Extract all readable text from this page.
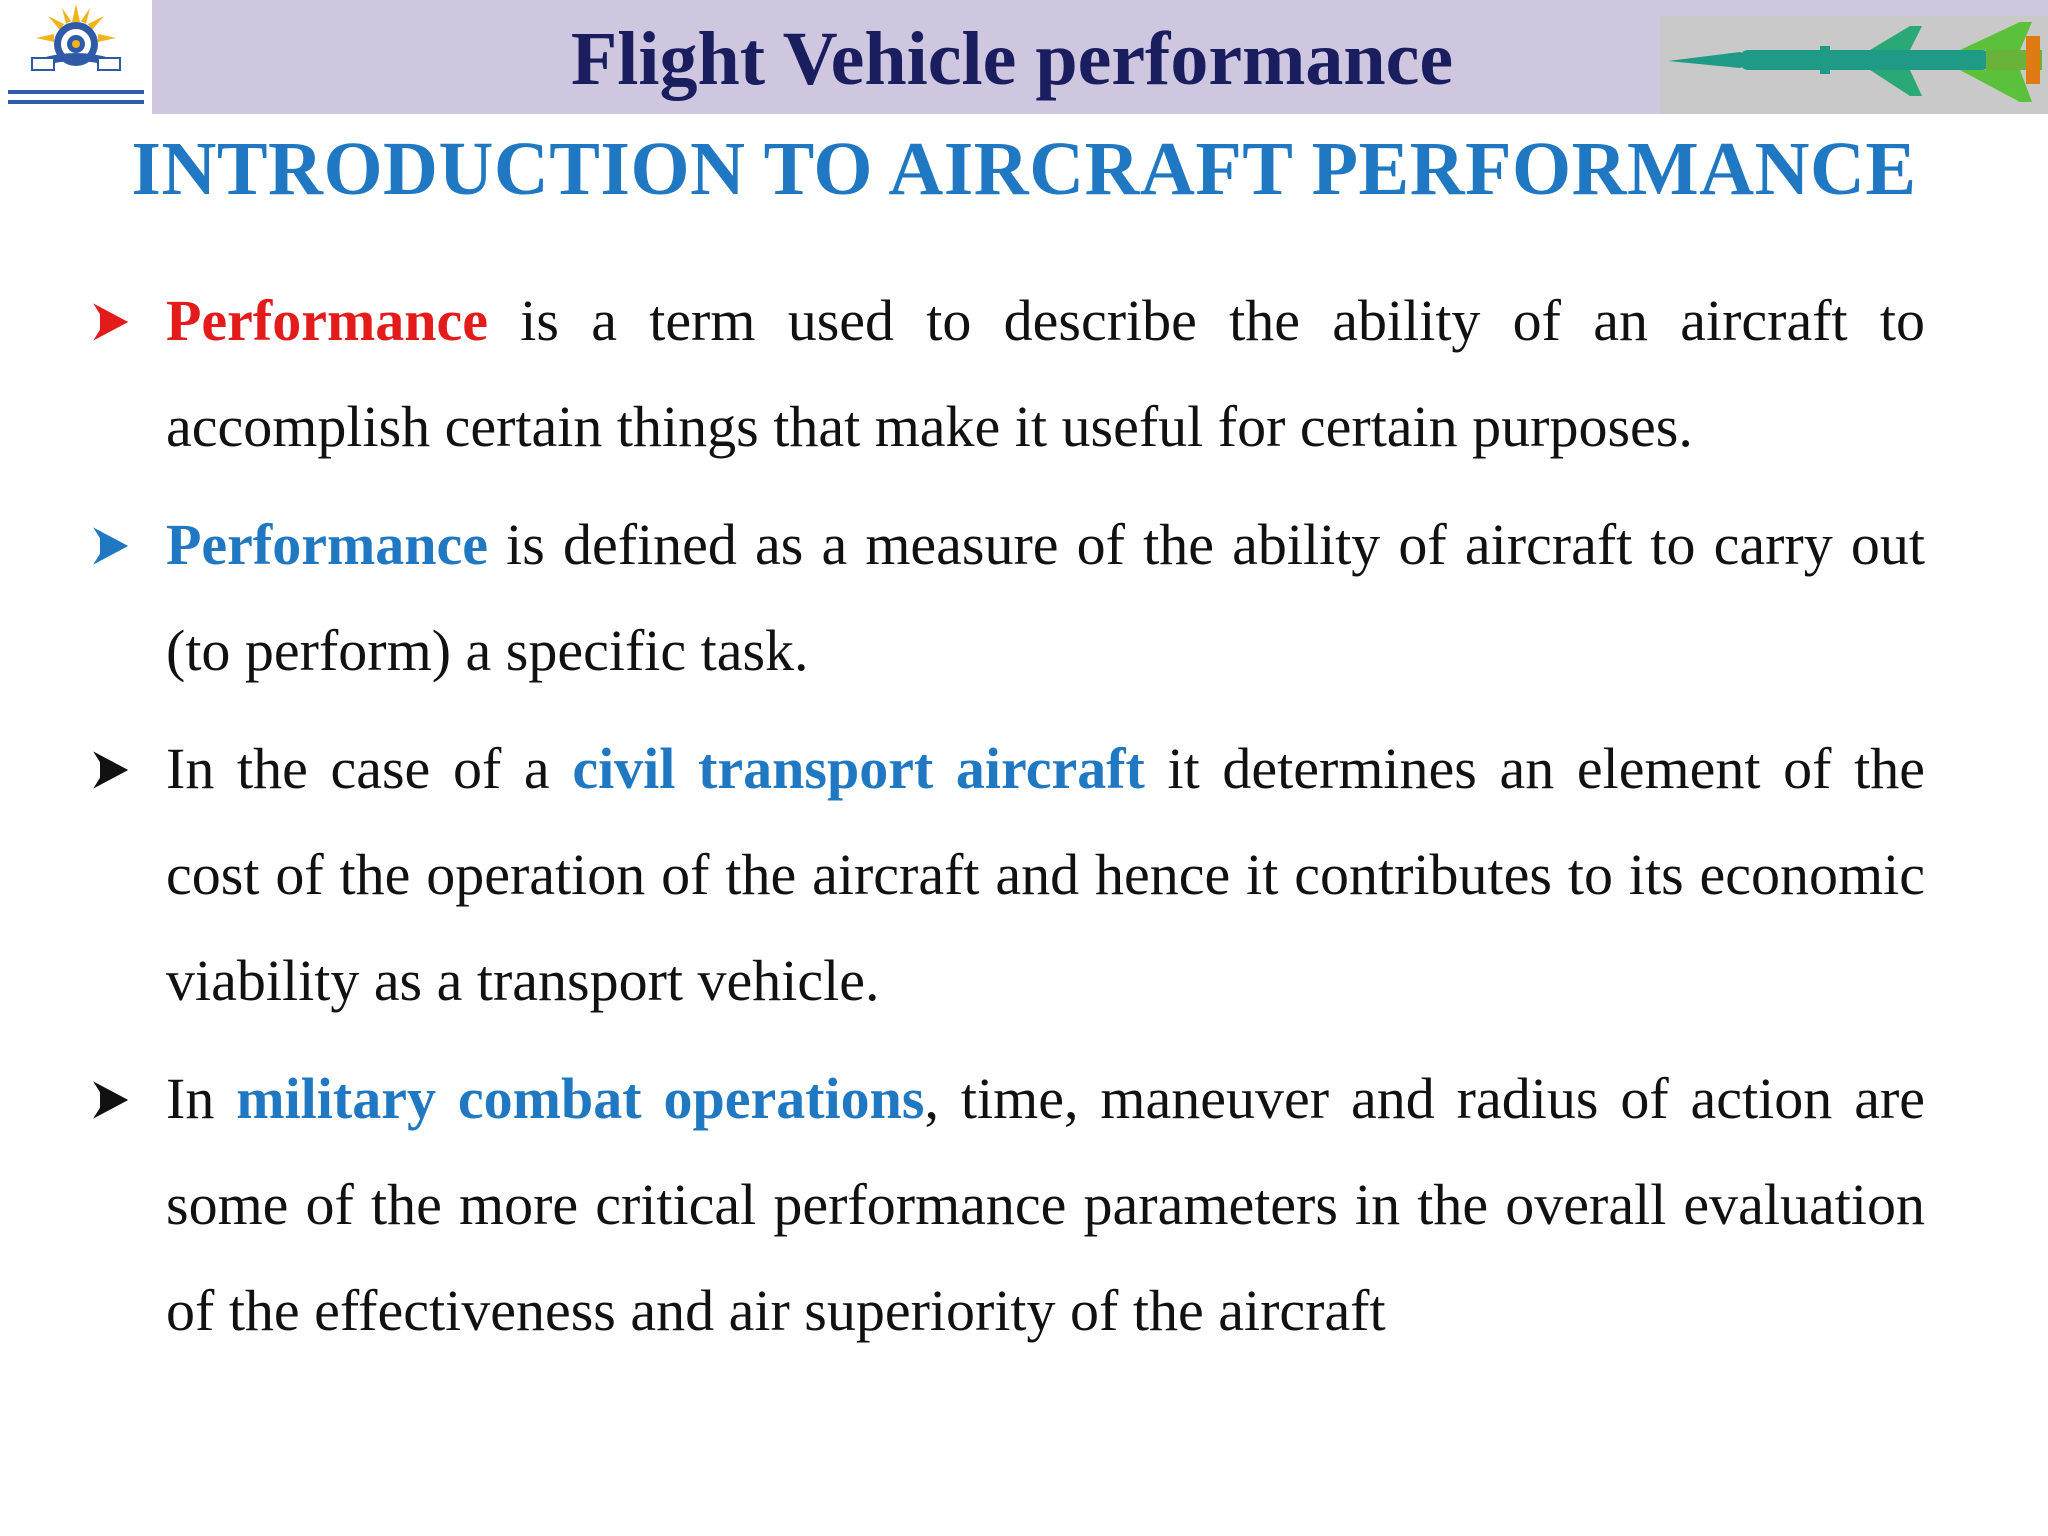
Flight Vehicle performance
INTRODUCTION TO AIRCRAFT PERFORMANCE
Performance is a term used to describe the ability of an aircraft to accomplish certain things that make it useful for certain purposes.
Performance is defined as a measure of the ability of aircraft to carry out (to perform) a specific task.
In the case of a civil transport aircraft it determines an element of the cost of the operation of the aircraft and hence it contributes to its economic viability as a transport vehicle.
In military combat operations, time, maneuver and radius of action are some of the more critical performance parameters in the overall evaluation of the effectiveness and air superiority of the aircraft
